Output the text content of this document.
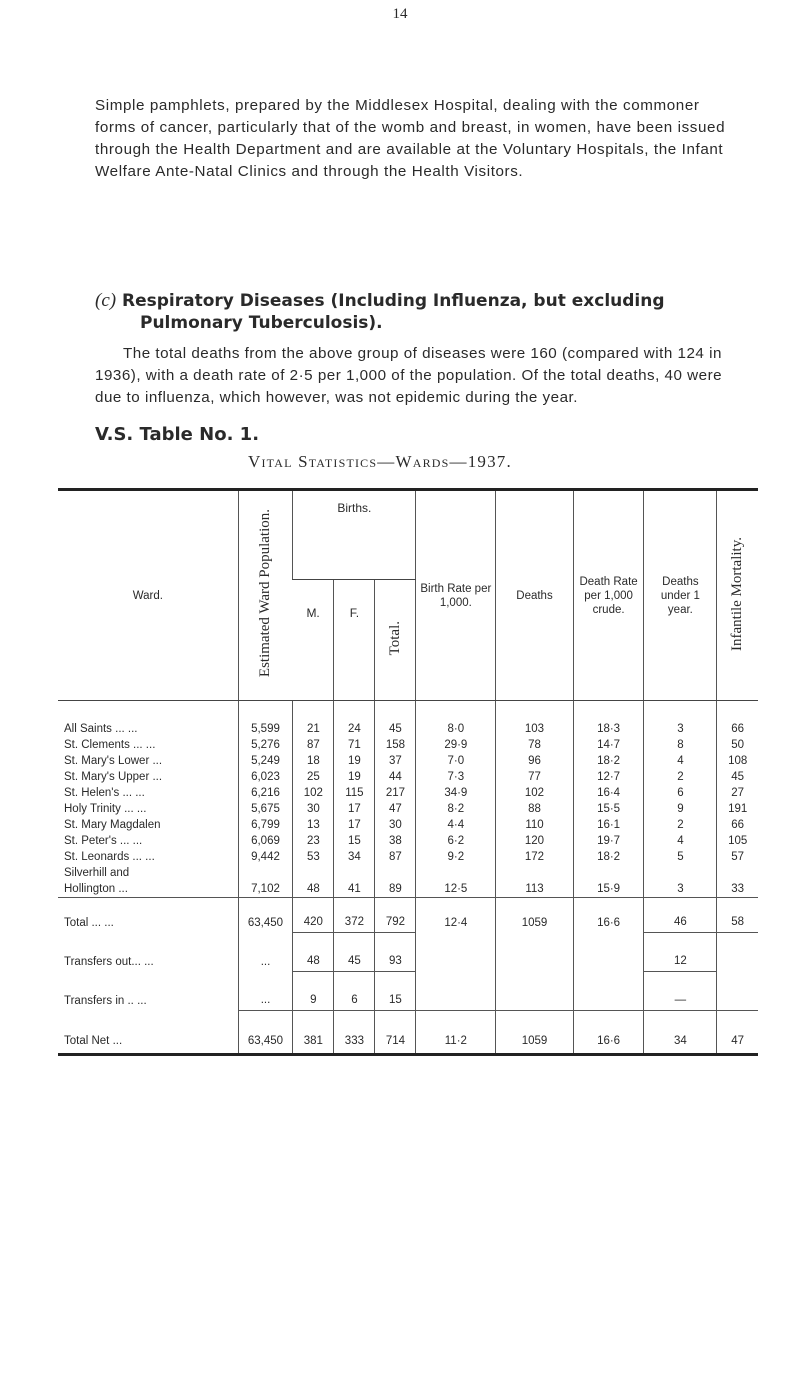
14

Simple pamphlets, prepared by the Middlesex Hospital, dealing with the commoner forms of cancer, particularly that of the womb and breast, in women, have been issued through the Health Department and are available at the Voluntary Hospitals, the Infant Welfare Ante-Natal Clinics and through the Health Visitors.

(c) Respiratory Diseases (Including Influenza, but excluding
Pulmonary Tuberculosis).

The total deaths from the above group of diseases were 160 (compared with 124 in 1936), with a death rate of 2·5 per 1,000 of the population. Of the total deaths, 40 were due to influenza, which however, was not epidemic during the year.

V.S. Table No. 1.
Vital Statistics—Wards—1937.
Ward.	Estimated Ward Population.	Births.			Birth Rate per 1,000.	Deaths	Death Rate per 1,000 crude.	Deaths under 1 year.	Infantile Mortality.
		M.	F.	Total.					
All Saints ... ...	5,599	21	24	45	8·0	103	18·3	3	66
St. Clements ... ...	5,276	87	71	158	29·9	78	14·7	8	50
St. Mary's Lower ...	5,249	18	19	37	7·0	96	18·2	4	108
St. Mary's Upper ...	6,023	25	19	44	7·3	77	12·7	2	45
St. Helen's ... ...	6,216	102	115	217	34·9	102	16·4	6	27
Holy Trinity ... ...	5,675	30	17	47	8·2	88	15·5	9	191
St. Mary Magdalen	6,799	13	17	30	4·4	110	16·1	2	66
St. Peter's ... ...	6,069	23	15	38	6·2	120	19·7	4	105
St. Leonards ... ...	9,442	53	34	87	9·2	172	18·2	5	57
Silverhill and
Hollington ...	7,102	48	41	89	12·5	113	15·9	3	33
Total ... ...	63,450	420	372	792	12·4	1059	16·6	46	58
Transfers out... ...	...	48	45	93				12	
Transfers in .. ...	...	9	6	15				—	
Total Net ...	63,450	381	333	714	11·2	1059	16·6	34	47
